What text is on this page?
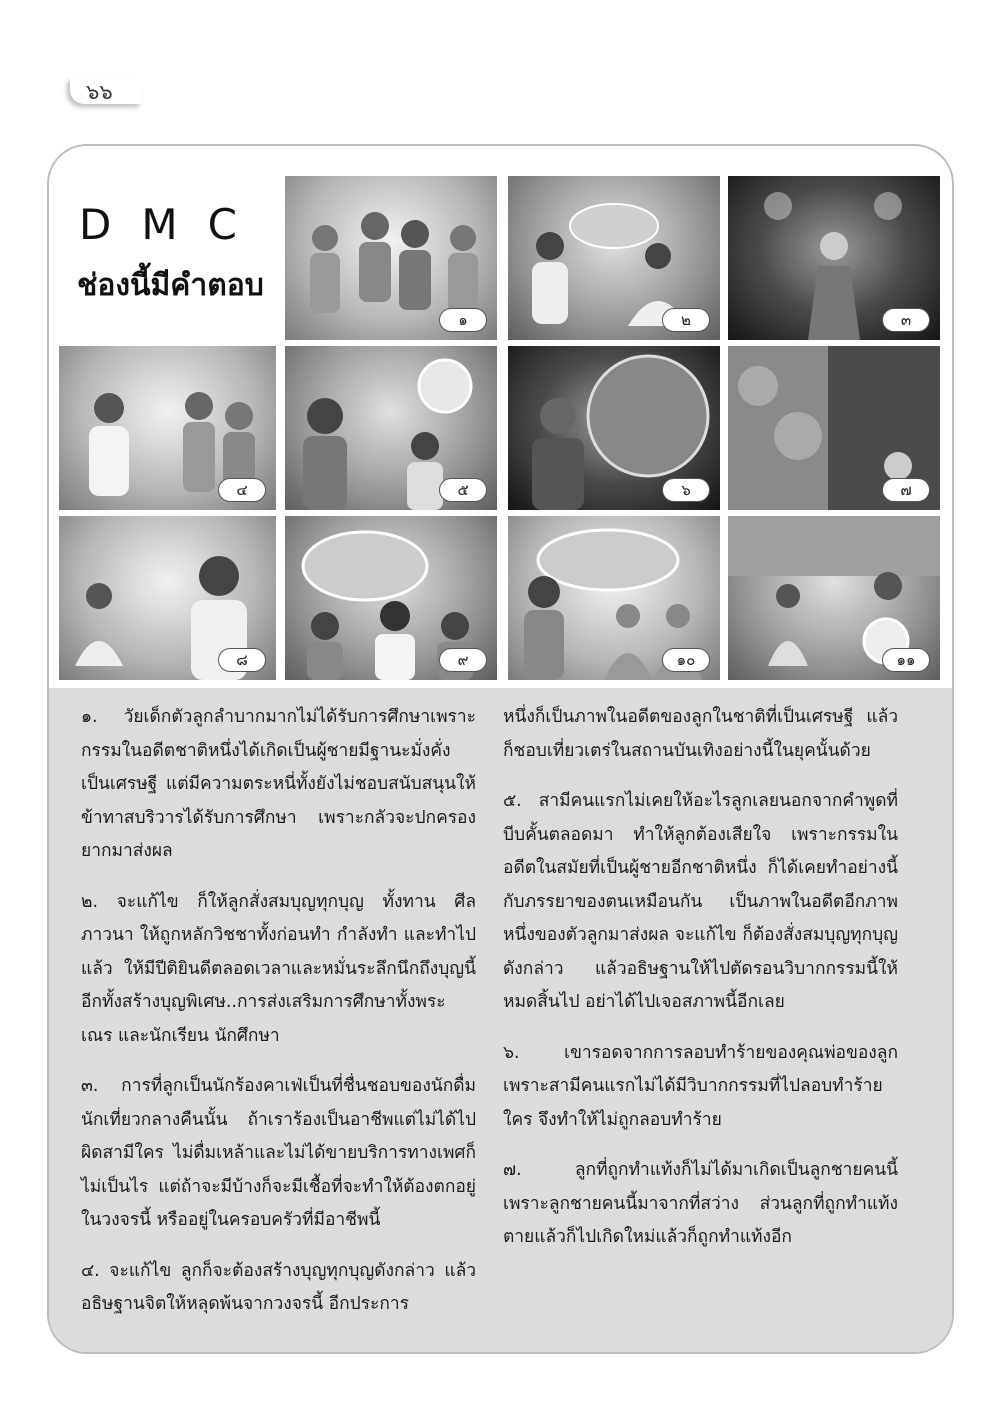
๖๖
DMC
ช่องนี้มีคำตอบ
๑	๒	๓
๔	๕	๖	๗
๘	๙	๑๐	๑๑

๑. วัยเด็กตัวลูกลำบากมากไม่ได้รับการศึกษาเพราะกรรมในอดีตชาติหนึ่งได้เกิดเป็นผู้ชายมีฐานะมั่งคั่งเป็นเศรษฐี แต่มีความตระหนี่ทั้งยังไม่ชอบสนับสนุนให้ข้าทาสบริวารได้รับการศึกษา เพราะกลัวจะปกครองยากมาส่งผล

๒. จะแก้ไข ก็ให้ลูกสั่งสมบุญทุกบุญ ทั้งทาน ศีล ภาวนา ให้ถูกหลักวิชชาทั้งก่อนทำ กำลังทำ และทำไปแล้ว ให้มีปีติยินดีตลอดเวลาและหมั่นระลึกนึกถึงบุญนี้ อีกทั้งสร้างบุญพิเศษ..การส่งเสริมการศึกษาทั้งพระเณร และนักเรียน นักศึกษา

๓. การที่ลูกเป็นนักร้องคาเฟ่เป็นที่ชื่นชอบของนักดื่มนักเที่ยวกลางคืนนั้น ถ้าเราร้องเป็นอาชีพแต่ไม่ได้ไปผิดสามีใคร ไม่ดื่มเหล้าและไม่ได้ขายบริการทางเพศก็ไม่เป็นไร แต่ถ้าจะมีบ้างก็จะมีเชื้อที่จะทำให้ต้องตกอยู่ในวงจรนี้ หรืออยู่ในครอบครัวที่มีอาชีพนี้

๔. จะแก้ไข ลูกก็จะต้องสร้างบุญทุกบุญดังกล่าว แล้วอธิษฐานจิตให้หลุดพ้นจากวงจรนี้ อีกประการ

หนึ่งก็เป็นภาพในอดีตของลูกในชาติที่เป็นเศรษฐี แล้วก็ชอบเที่ยวเตร่ในสถานบันเทิงอย่างนี้ในยุคนั้นด้วย

๕. สามีคนแรกไม่เคยให้อะไรลูกเลยนอกจากคำพูดที่บีบคั้นตลอดมา ทำให้ลูกต้องเสียใจ เพราะกรรมในอดีตในสมัยที่เป็นผู้ชายอีกชาติหนึ่ง ก็ได้เคยทำอย่างนี้กับภรรยาของตนเหมือนกัน เป็นภาพในอดีตอีกภาพหนึ่งของตัวลูกมาส่งผล จะแก้ไข ก็ต้องสั่งสมบุญทุกบุญดังกล่าว แล้วอธิษฐานให้ไปตัดรอนวิบากกรรมนี้ให้หมดสิ้นไป อย่าได้ไปเจอสภาพนี้อีกเลย

๖. เขารอดจากการลอบทำร้ายของคุณพ่อของลูก เพราะสามีคนแรกไม่ได้มีวิบากกรรมที่ไปลอบทำร้ายใคร จึงทำให้ไม่ถูกลอบทำร้าย

๗. ลูกที่ถูกทำแท้งก็ไม่ได้มาเกิดเป็นลูกชายคนนี้ เพราะลูกชายคนนี้มาจากที่สว่าง ส่วนลูกที่ถูกทำแท้งตายแล้วก็ไปเกิดใหม่แล้วก็ถูกทำแท้งอีก
